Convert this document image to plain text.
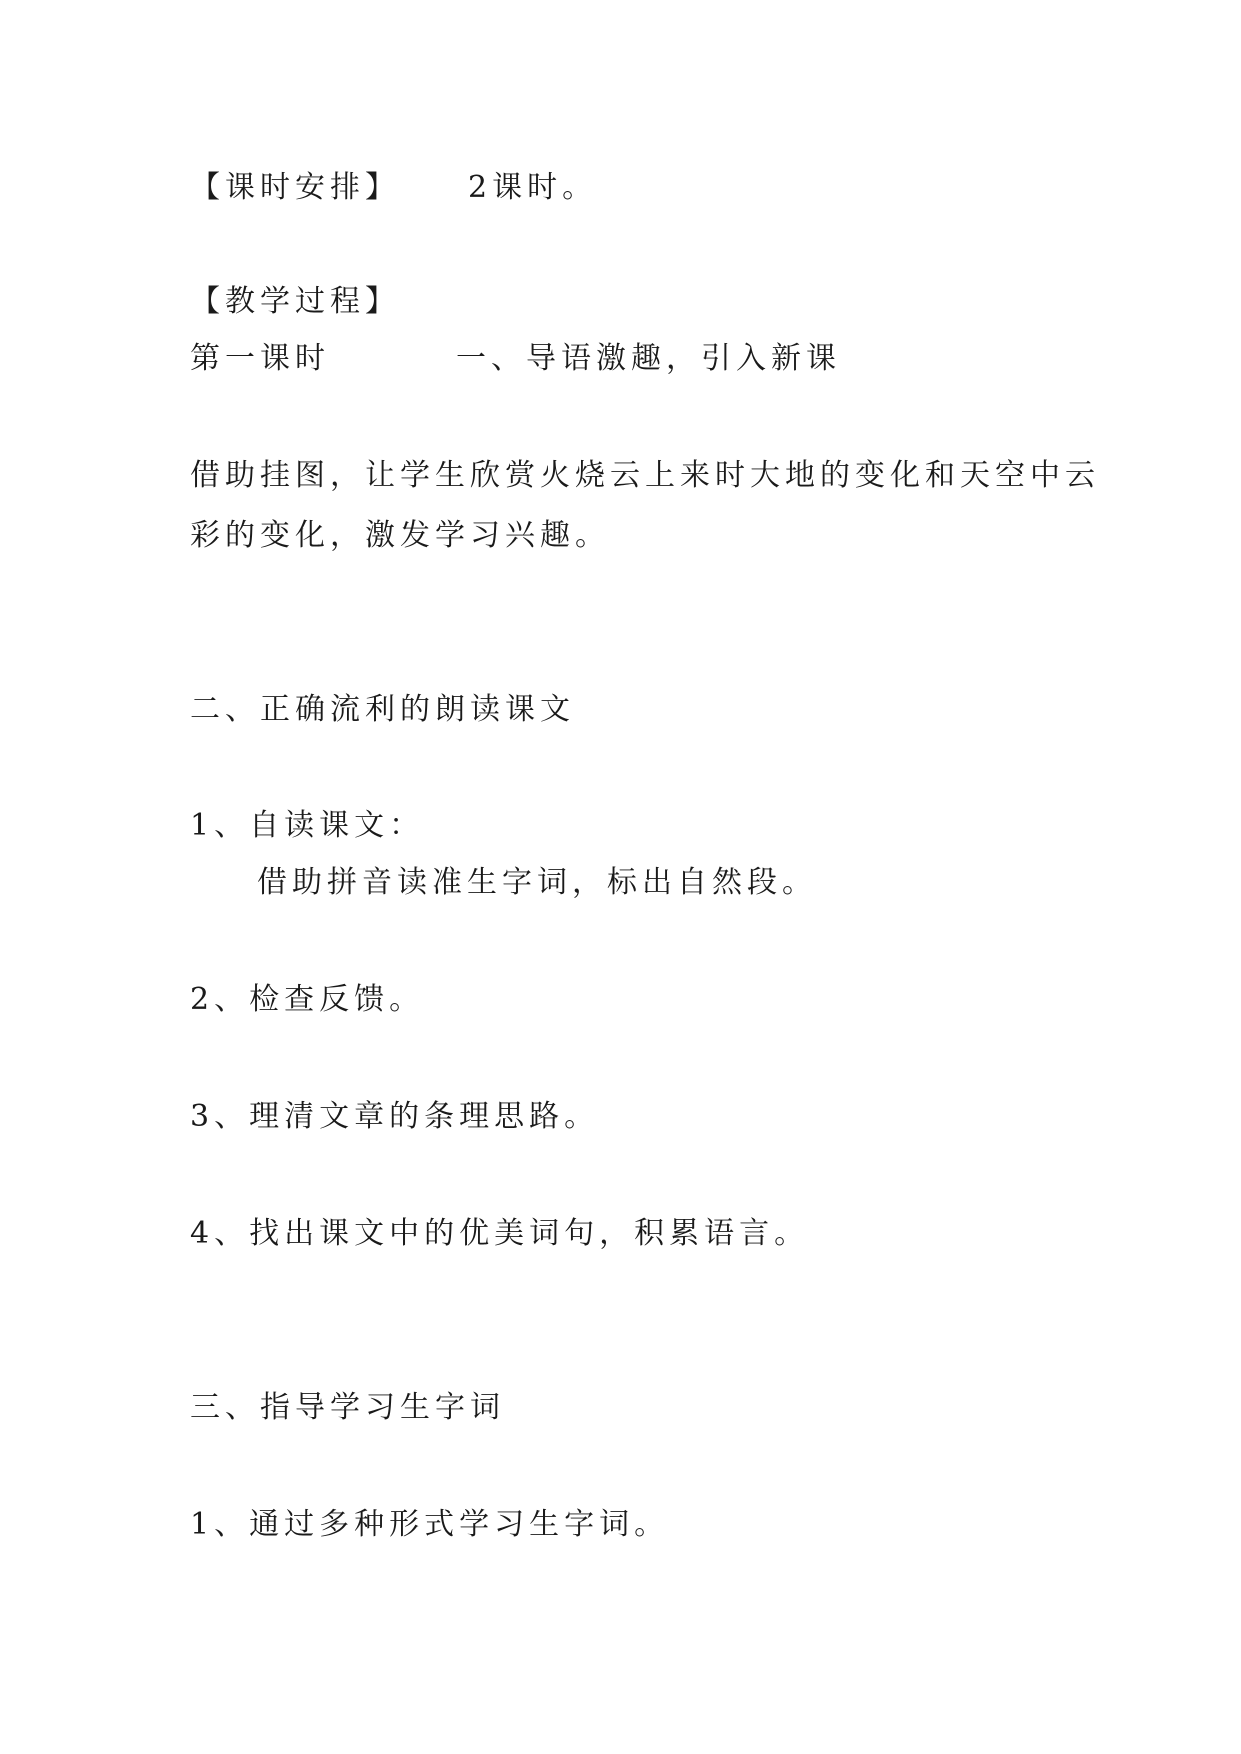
【课时安排】 2课时。
【教学过程】
第一课时	一、导语激趣，引入新课
借助挂图，让学生欣赏火烧云上来时大地的变化和天空中云
彩的变化，激发学习兴趣。
二、正确流利的朗读课文
1、自读课文：
借助拼音读准生字词，标出自然段。
2、检查反馈。
3、理清文章的条理思路。
4、找出课文中的优美词句，积累语言。
三、指导学习生字词
1、通过多种形式学习生字词。
